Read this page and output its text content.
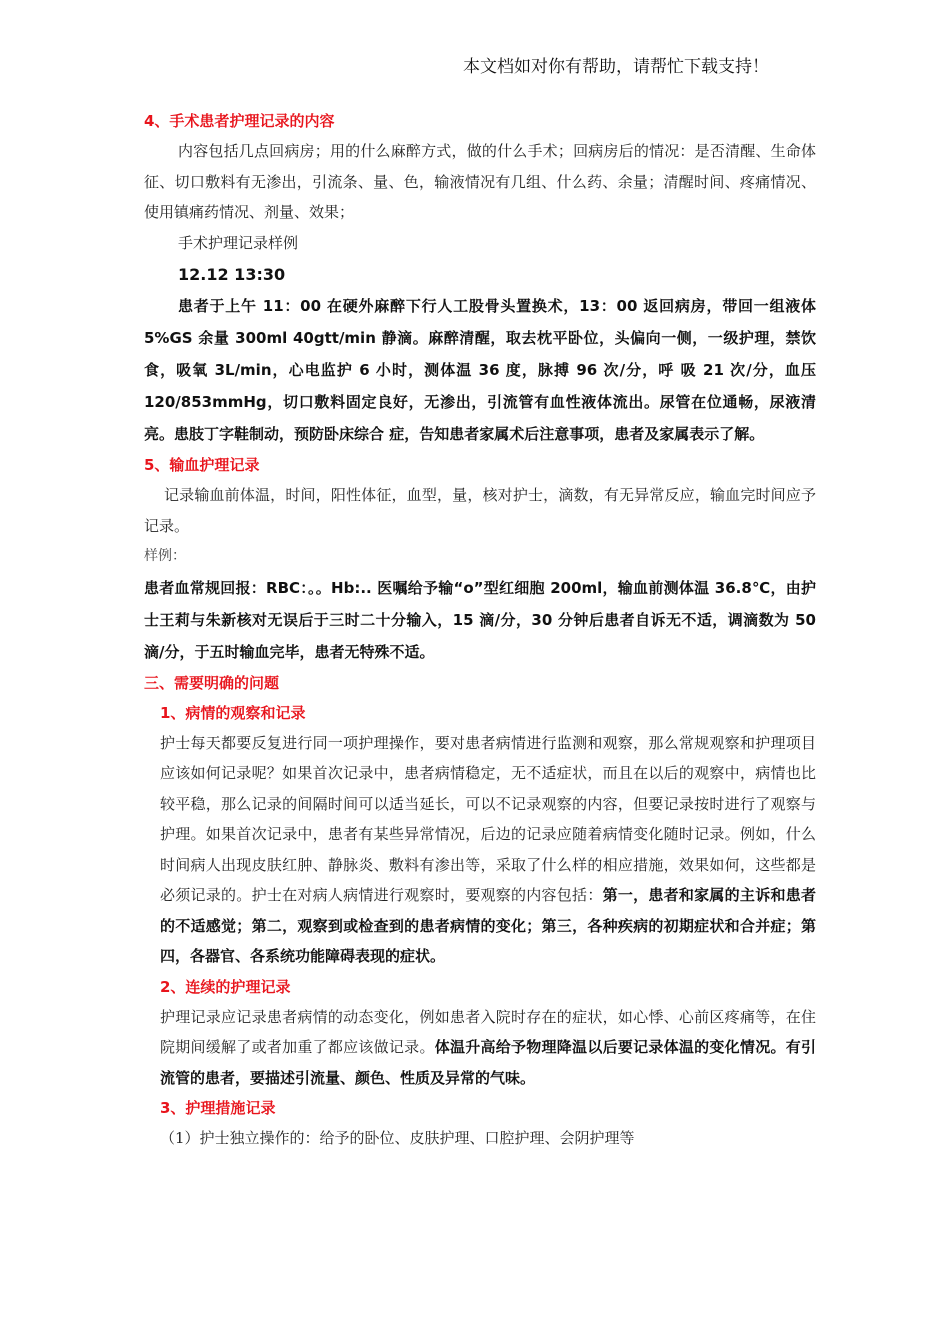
本文档如对你有帮助，请帮忙下载支持！
4、手术患者护理记录的内容

内容包括几点回病房；用的什么麻醉方式，做的什么手术；回病房后的情况：是否清醒、生命体征、切口敷料有无渗出，引流条、量、色，输液情况有几组、什么药、余量；清醒时间、疼痛情况、使用镇痛药情况、剂量、效果；

手术护理记录样例

12.12 13:30

患者于上午 11：00 在硬外麻醉下行人工股骨头置换术，13：00 返回病房，带回一组液体 5%GS 余量 300ml 40gtt/min 静滴。麻醉清醒，取去枕平卧位，头偏向一侧，一级护理，禁饮食，吸氧 3L/min，心电监护 6 小时，测体温 36 度，脉搏 96 次/分，呼 吸 21 次/分，血压 120/853mmHg，切口敷料固定良好，无渗出，引流管有血性液体流出。尿管在位通畅，尿液清亮。患肢丁字鞋制动，预防卧床综合 症，告知患者家属术后注意事项，患者及家属表示了解。

5、输血护理记录

记录输血前体温，时间，阳性体征，血型，量，核对护士，滴数，有无异常反应，输血完时间应予记录。

样例：

患者血常规回报：RBC：。。Hb:.. 医嘱给予输“o”型红细胞 200ml，输血前测体温 36.8℃，由护士王莉与朱新核对无误后于三时二十分输入，15 滴/分，30 分钟后患者自诉无不适，调滴数为 50 滴/分，于五时输血完毕，患者无特殊不适。

三、需要明确的问题
1、病情的观察和记录

护士每天都要反复进行同一项护理操作，要对患者病情进行监测和观察，那么常规观察和护理项目应该如何记录呢？如果首次记录中，患者病情稳定，无不适症状，而且在以后的观察中，病情也比较平稳，那么记录的间隔时间可以适当延长，可以不记录观察的内容，但要记录按时进行了观察与护理。如果首次记录中，患者有某些异常情况，后边的记录应随着病情变化随时记录。例如，什么时间病人出现皮肤红肿、静脉炎、敷料有渗出等，采取了什么样的相应措施，效果如何，这些都是必须记录的。护士在对病人病情进行观察时，要观察的内容包括：第一，患者和家属的主诉和患者的不适感觉；第二，观察到或检查到的患者病情的变化；第三，各种疾病的初期症状和合并症；第四，各器官、各系统功能障碍表现的症状。

2、连续的护理记录

护理记录应记录患者病情的动态变化，例如患者入院时存在的症状，如心悸、心前区疼痛等，在住院期间缓解了或者加重了都应该做记录。体温升高给予物理降温以后要记录体温的变化情况。有引流管的患者，要描述引流量、颜色、性质及异常的气味。

3、护理措施记录

（1）护士独立操作的：给予的卧位、皮肤护理、口腔护理、会阴护理等
